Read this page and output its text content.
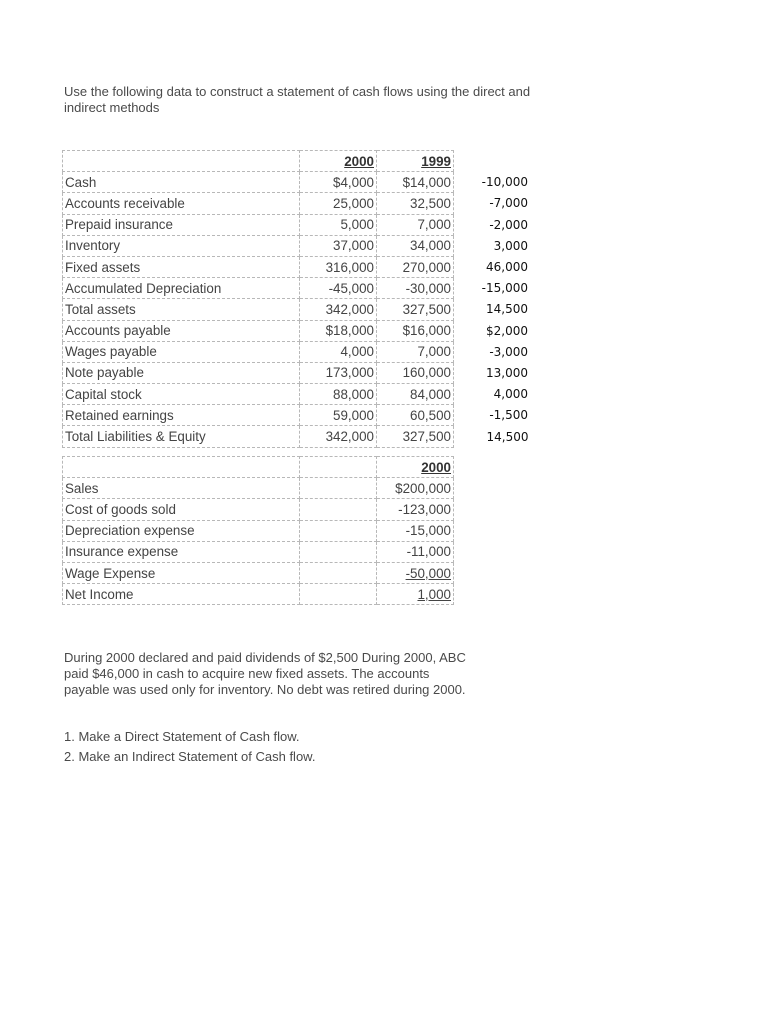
Use the following data to construct a statement of cash flows using the direct and indirect methods
	2000	1999	
Cash	$4,000	$14,000	-10,000
Accounts receivable	25,000	32,500	-7,000
Prepaid insurance	5,000	7,000	-2,000
Inventory	37,000	34,000	3,000
Fixed assets	316,000	270,000	46,000
Accumulated Depreciation	-45,000	-30,000	-15,000
Total assets	342,000	327,500	14,500
Accounts payable	$18,000	$16,000	$2,000
Wages payable	4,000	7,000	-3,000
Note payable	173,000	160,000	13,000
Capital stock	88,000	84,000	4,000
Retained earnings	59,000	60,500	-1,500
Total Liabilities & Equity	342,000	327,500	14,500
		2000
Sales		$200,000
Cost of goods sold		-123,000
Depreciation expense		-15,000
Insurance expense		-11,000
Wage Expense		-50,000
Net Income		1,000
During 2000 declared and paid dividends of $2,500 During 2000, ABC paid $46,000 in cash to acquire new fixed assets. The accounts payable was used only for inventory. No debt was retired during 2000.
1. Make a Direct Statement of Cash flow.
2. Make an Indirect Statement of Cash flow.
